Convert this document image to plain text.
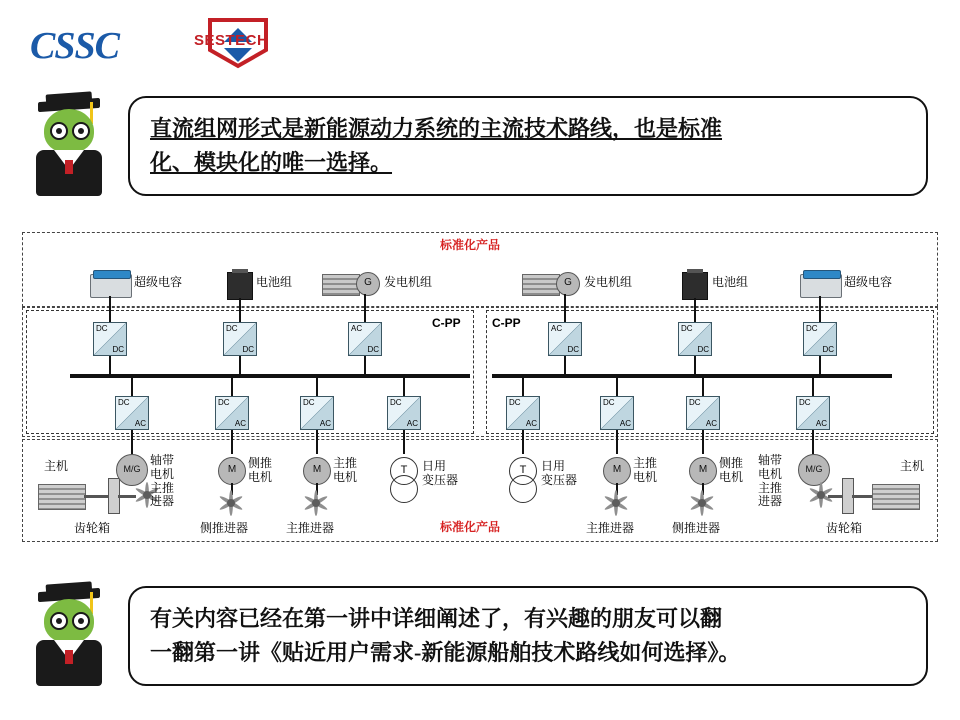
CSSC	SESTECH

直流组网形式是新能源动力系统的主流技术路线，也是标准

化、模块化的唯一选择。

C-PP	C-PP
标准化产品
标准化产品
超级电容	电池组	G	发电机组	G	发电机组	电池组	超级电容
DC
DC
DC
DC
AC
DC
AC
DC
DC
DC
DC
DC
DC
AC
DC
AC
DC
AC
DC
AC
DC
AC
DC
AC
DC
AC
DC
AC
主机
齿轮箱
M/G
轴带
电机
主推
进器
M 侧推
电机
侧推进器
M 主推
电机
主推进器
T	日用
变压器
T	日用
变压器
M 主推
电机
主推进器
M 侧推
电机
侧推进器
轴带
电机
主推
进器
M/G
齿轮箱
主机

有关内容已经在第一讲中详细阐述了，有兴趣的朋友可以翻

一翻第一讲《贴近用户需求-新能源船舶技术路线如何选择》。
